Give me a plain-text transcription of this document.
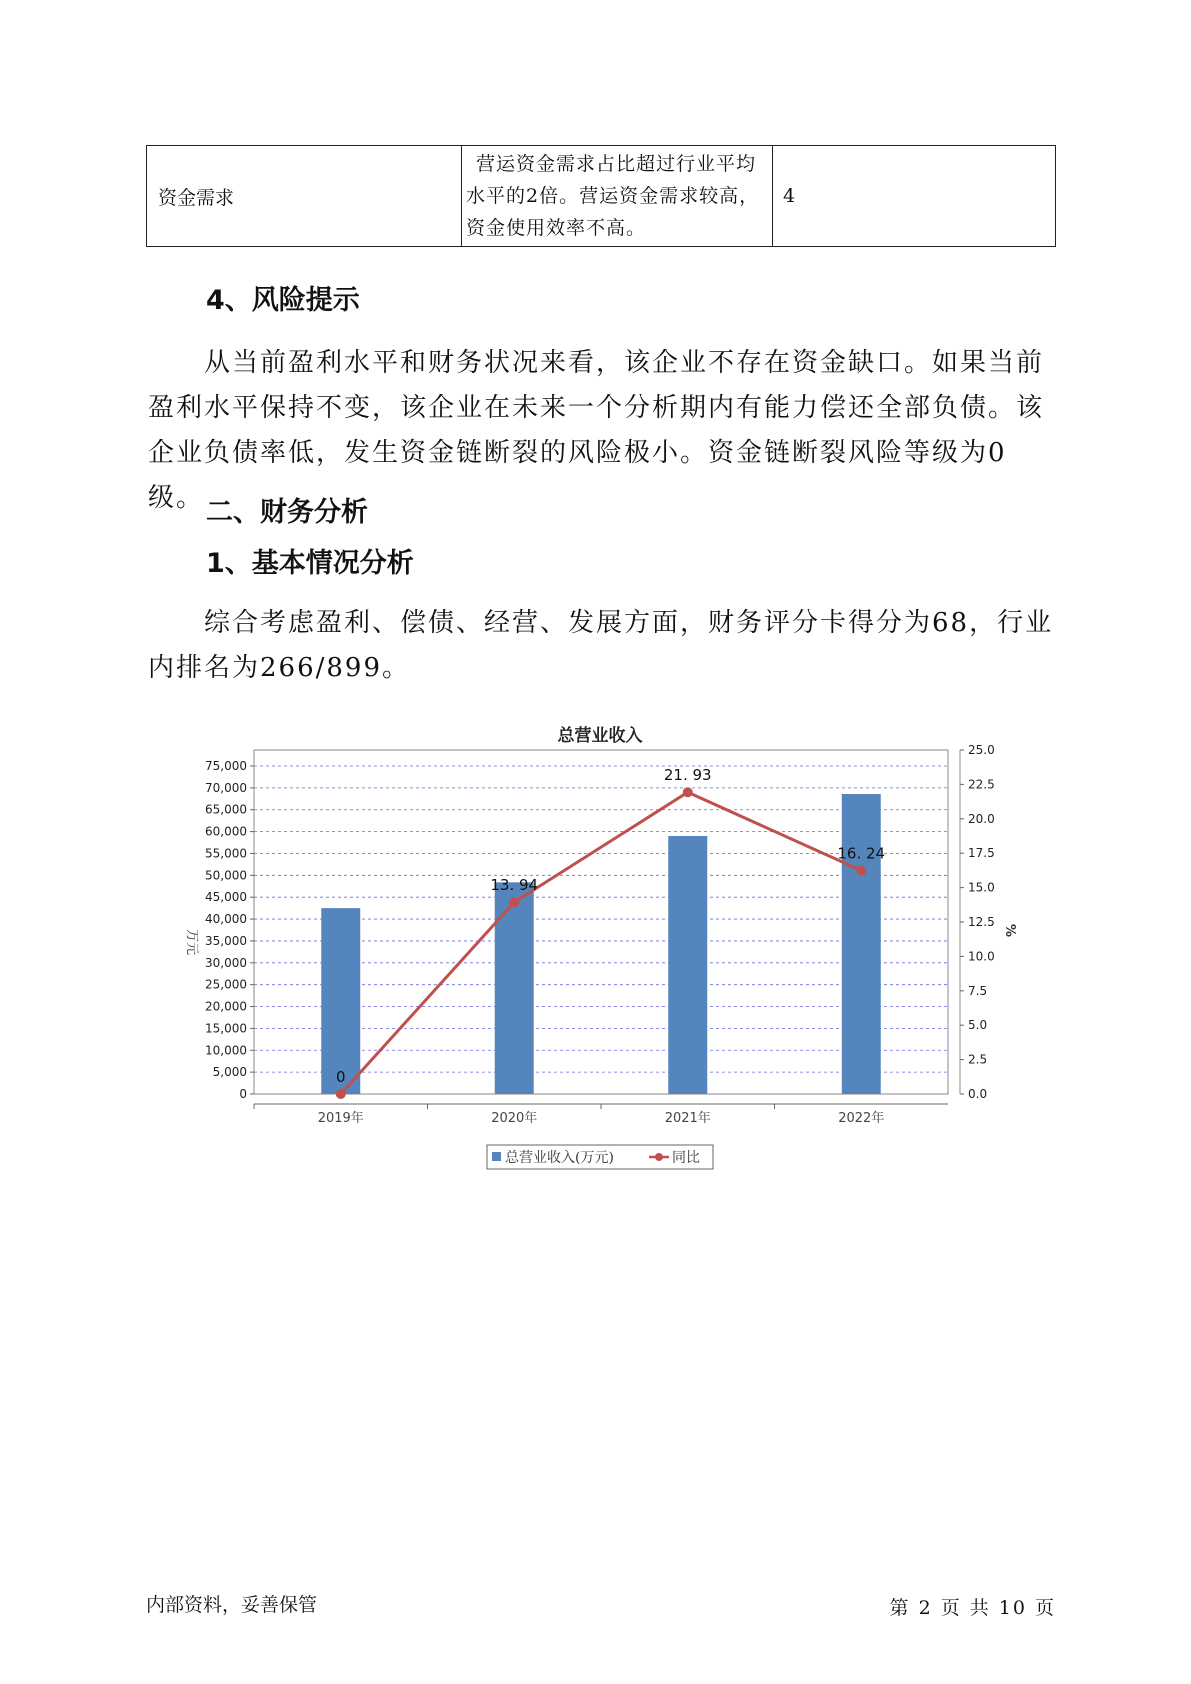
资金需求	营运资金需求占比超过行业平均水平的2倍。营运资金需求较高，资金使用效率不高。	4
4、风险提示

从当前盈利水平和财务状况来看，该企业不存在资金缺口。如果当前盈利水平保持不变，该企业在未来一个分析期内有能力偿还全部负债。该企业负债率低，发生资金链断裂的风险极小。资金链断裂风险等级为0级。 二、财务分析
1、基本情况分析

综合考虑盈利、偿债、经营、发展方面，财务评分卡得分为68，行业内排名为266/899。

总营业收入
0
13. 94
21. 93
16. 24
0
5,000
10,000
15,000
20,000
25,000
30,000
35,000
40,000
45,000
50,000
55,000
60,000
65,000
70,000
75,000
0.0
2.5
5.0
7.5
10.0
12.5
15.0
17.5
20.0
22.5
25.0
2019年	2020年	2021年	2022年
万元	%
总营业收入(万元)	同比
内部资料，妥善保管	第 2 页 共 10 页
